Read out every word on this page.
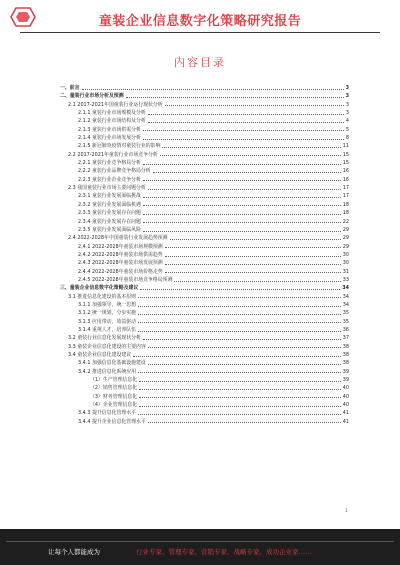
童装企业信息数字化策略研究报告
内容目录
一、前言	3
二、童装行业市场分析及预测	3
2.1 2017-2021年国童装行业运行现状分析	3
2.1.1 童装行业市场规模及分析	3
2.1.2 童装行业市场结构及分析	4
2.1.3 童装行业市场供需分析	5
2.1.4 童装行业市场发展分析	8
2.1.5 新冠肺炎疫情对童装行业的影响	11
2.2 2017-2021年童装行业市场竞争分析	15
2.2.1 童装行业竞争格局分析	15
2.2.2 童装行业品牌竞争格局分析	16
2.2.3 童装行业企业竞争分析	16
2.3 我国童装行业市场主要问题分析	17
2.3.1 童装行业发展面临挑战	17
2.3.2 童装行业发展面临机遇	18
2.3.3 童装行业发展存在问题	18
2.3.4 童装行业发展存在问题	22
2.3.5 童装行业发展面临风险	29
2.4 2022-2028年中国童装行业发展趋势预测	29
2.4.1 2022-2028年童装市场规模预测	29
2.4.2 2022-2028年童装市场供需趋势	30
2.4.3 2022-2028年童装市场发展预测	30
2.4.4 2022-2028年童装市场价格走势	31
2.4.5 2022-2028年童装市场竞争格局预测	33
三、童装企业信息数字化策略及建议	34
3.1 推进信息化建设的基本原则	34
3.1.1 加强领导，统一思想	34
3.1.2 统一规划，分步实施	35
3.1.3 应用带动，效益驱动	35
3.1.4 重视人才，培养队伍	36
3.2 童装行业信息化发展现状分析	37
3.3 童装企业信息化建设的主要内容	38
3.4 童装企业信息化建设建议	38
3.4.1 加强信息化基础设施建设	38
3.4.2 推进信息化系统应用	39
（1）生产管理信息化	39
（2）销售管理信息化	40
（3）财务管理信息化	40
（4）企业管理信息化	40
3.4.3 提升信息化管理水平	41
3.4.4 提升企业信息化管理水平	41
1
让每个人都能成为	行业专家、管理专家、营销专家、战略专家、成功企业家……
